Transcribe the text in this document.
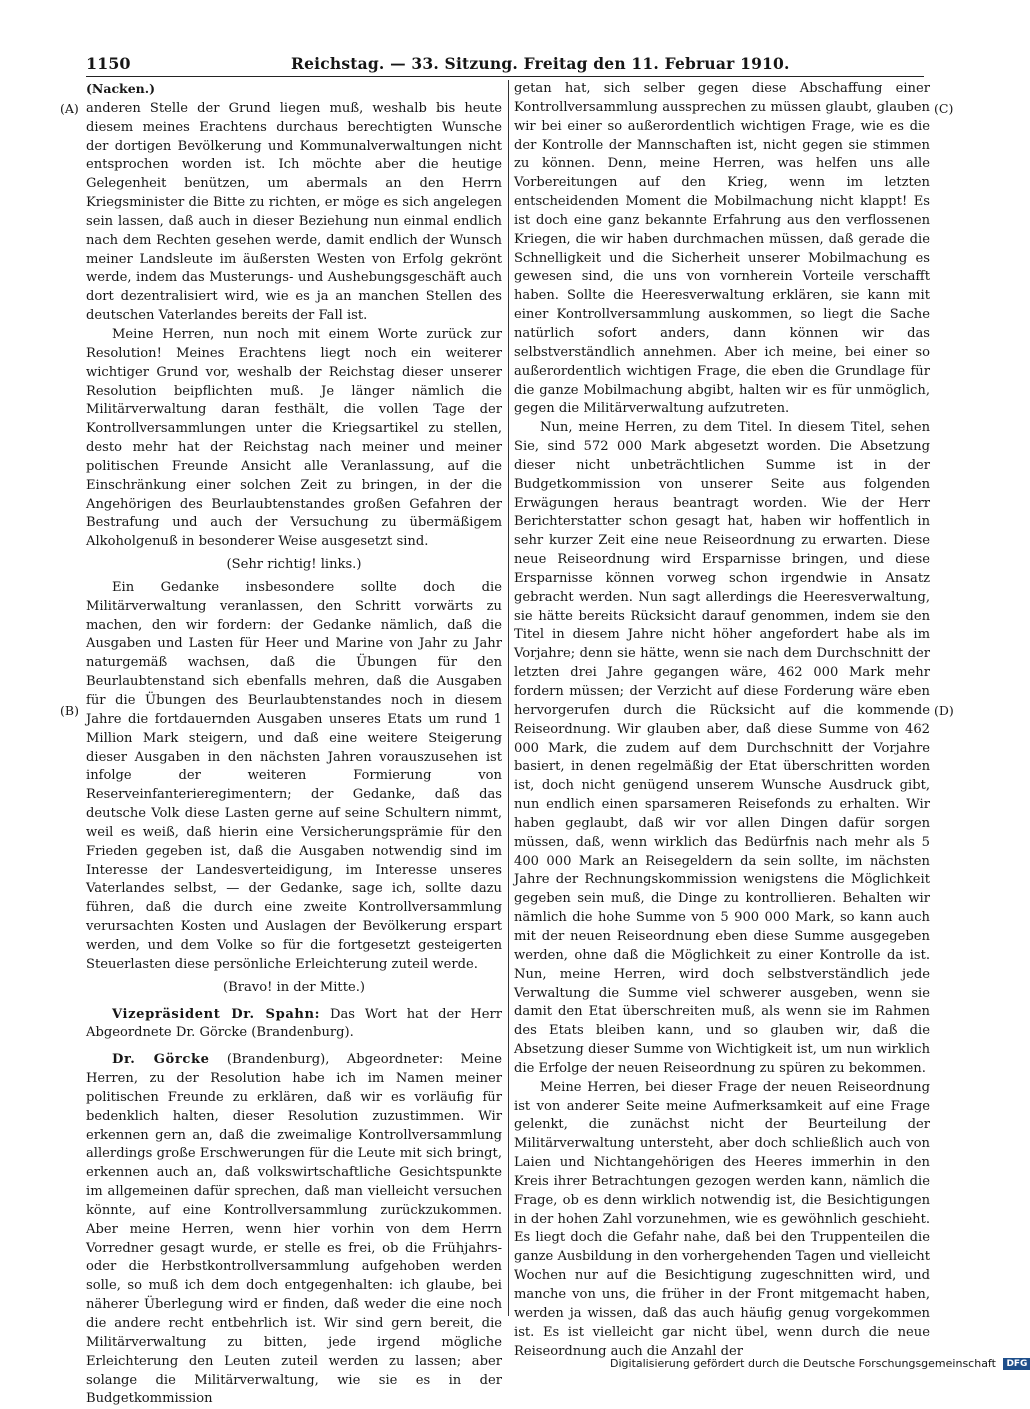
1150	Reichstag. — 33. Sitzung. Freitag den 11. Februar 1910.
(A)
(B)
(C)
(D)

(Nacken.)

anderen Stelle der Grund liegen muß, weshalb bis heute diesem meines Erachtens durchaus berechtigten Wunsche der dortigen Bevölkerung und Kommunalverwaltungen nicht entsprochen worden ist. Ich möchte aber die heutige Gelegenheit benützen, um abermals an den Herrn Kriegsminister die Bitte zu richten, er möge es sich angelegen sein lassen, daß auch in dieser Beziehung nun einmal endlich nach dem Rechten gesehen werde, damit endlich der Wunsch meiner Landsleute im äußersten Westen von Erfolg gekrönt werde, indem das Musterungs- und Aushebungsgeschäft auch dort dezentralisiert wird, wie es ja an manchen Stellen des deutschen Vaterlandes bereits der Fall ist.

Meine Herren, nun noch mit einem Worte zurück zur Resolution! Meines Erachtens liegt noch ein weiterer wichtiger Grund vor, weshalb der Reichstag dieser unserer Resolution beipflichten muß. Je länger nämlich die Militärverwaltung daran festhält, die vollen Tage der Kontrollversammlungen unter die Kriegsartikel zu stellen, desto mehr hat der Reichstag nach meiner und meiner politischen Freunde Ansicht alle Veranlassung, auf die Einschränkung einer solchen Zeit zu bringen, in der die Angehörigen des Beurlaubtenstandes großen Gefahren der Bestrafung und auch der Versuchung zu übermäßigem Alkoholgenuß in besonderer Weise ausgesetzt sind.

(Sehr richtig! links.)

Ein Gedanke insbesondere sollte doch die Militärverwaltung veranlassen, den Schritt vorwärts zu machen, den wir fordern: der Gedanke nämlich, daß die Ausgaben und Lasten für Heer und Marine von Jahr zu Jahr naturgemäß wachsen, daß die Übungen für den Beurlaubtenstand sich ebenfalls mehren, daß die Ausgaben für die Übungen des Beurlaubtenstandes noch in diesem Jahre die fortdauernden Ausgaben unseres Etats um rund 1 Million Mark steigern, und daß eine weitere Steigerung dieser Ausgaben in den nächsten Jahren vorauszusehen ist infolge der weiteren Formierung von Reserveinfanterieregimentern; der Gedanke, daß das deutsche Volk diese Lasten gerne auf seine Schultern nimmt, weil es weiß, daß hierin eine Versicherungsprämie für den Frieden gegeben ist, daß die Ausgaben notwendig sind im Interesse der Landesverteidigung, im Interesse unseres Vaterlandes selbst, — der Gedanke, sage ich, sollte dazu führen, daß die durch eine zweite Kontrollversammlung verursachten Kosten und Auslagen der Bevölkerung erspart werden, und dem Volke so für die fortgesetzt gesteigerten Steuerlasten diese persönliche Erleichterung zuteil werde.

(Bravo! in der Mitte.)

Vizepräsident Dr. Spahn: Das Wort hat der Herr Abgeordnete Dr. Görcke (Brandenburg).

Dr. Görcke (Brandenburg), Abgeordneter: Meine Herren, zu der Resolution habe ich im Namen meiner politischen Freunde zu erklären, daß wir es vorläufig für bedenklich halten, dieser Resolution zuzustimmen. Wir erkennen gern an, daß die zweimalige Kontrollversammlung allerdings große Erschwerungen für die Leute mit sich bringt, erkennen auch an, daß volkswirtschaftliche Gesichtspunkte im allgemeinen dafür sprechen, daß man vielleicht versuchen könnte, auf eine Kontrollversammlung zurückzukommen. Aber meine Herren, wenn hier vorhin von dem Herrn Vorredner gesagt wurde, er stelle es frei, ob die Frühjahrs- oder die Herbstkontrollversammlung aufgehoben werden solle, so muß ich dem doch entgegenhalten: ich glaube, bei näherer Überlegung wird er finden, daß weder die eine noch die andere recht entbehrlich ist. Wir sind gern bereit, die Militärverwaltung zu bitten, jede irgend mögliche Erleichterung den Leuten zuteil werden zu lassen; aber solange die Militärverwaltung, wie sie es in der Budgetkommission

getan hat, sich selber gegen diese Abschaffung einer Kontrollversammlung aussprechen zu müssen glaubt, glauben wir bei einer so außerordentlich wichtigen Frage, wie es die der Kontrolle der Mannschaften ist, nicht gegen sie stimmen zu können. Denn, meine Herren, was helfen uns alle Vorbereitungen auf den Krieg, wenn im letzten entscheidenden Moment die Mobilmachung nicht klappt! Es ist doch eine ganz bekannte Erfahrung aus den verflossenen Kriegen, die wir haben durchmachen müssen, daß gerade die Schnelligkeit und die Sicherheit unserer Mobilmachung es gewesen sind, die uns von vornherein Vorteile verschafft haben. Sollte die Heeresverwaltung erklären, sie kann mit einer Kontrollversammlung auskommen, so liegt die Sache natürlich sofort anders, dann können wir das selbstverständlich annehmen. Aber ich meine, bei einer so außerordentlich wichtigen Frage, die eben die Grundlage für die ganze Mobilmachung abgibt, halten wir es für unmöglich, gegen die Militärverwaltung aufzutreten.

Nun, meine Herren, zu dem Titel. In diesem Titel, sehen Sie, sind 572 000 Mark abgesetzt worden. Die Absetzung dieser nicht unbeträchtlichen Summe ist in der Budgetkommission von unserer Seite aus folgenden Erwägungen heraus beantragt worden. Wie der Herr Berichterstatter schon gesagt hat, haben wir hoffentlich in sehr kurzer Zeit eine neue Reiseordnung zu erwarten. Diese neue Reiseordnung wird Ersparnisse bringen, und diese Ersparnisse können vorweg schon irgendwie in Ansatz gebracht werden. Nun sagt allerdings die Heeresverwaltung, sie hätte bereits Rücksicht darauf genommen, indem sie den Titel in diesem Jahre nicht höher angefordert habe als im Vorjahre; denn sie hätte, wenn sie nach dem Durchschnitt der letzten drei Jahre gegangen wäre, 462 000 Mark mehr fordern müssen; der Verzicht auf diese Forderung wäre eben hervorgerufen durch die Rücksicht auf die kommende Reiseordnung. Wir glauben aber, daß diese Summe von 462 000 Mark, die zudem auf dem Durchschnitt der Vorjahre basiert, in denen regelmäßig der Etat überschritten worden ist, doch nicht genügend unserem Wunsche Ausdruck gibt, nun endlich einen sparsameren Reisefonds zu erhalten. Wir haben geglaubt, daß wir vor allen Dingen dafür sorgen müssen, daß, wenn wirklich das Bedürfnis nach mehr als 5 400 000 Mark an Reisegeldern da sein sollte, im nächsten Jahre der Rechnungskommission wenigstens die Möglichkeit gegeben sein muß, die Dinge zu kontrollieren. Behalten wir nämlich die hohe Summe von 5 900 000 Mark, so kann auch mit der neuen Reiseordnung eben diese Summe ausgegeben werden, ohne daß die Möglichkeit zu einer Kontrolle da ist. Nun, meine Herren, wird doch selbstverständlich jede Verwaltung die Summe viel schwerer ausgeben, wenn sie damit den Etat überschreiten muß, als wenn sie im Rahmen des Etats bleiben kann, und so glauben wir, daß die Absetzung dieser Summe von Wichtigkeit ist, um nun wirklich die Erfolge der neuen Reiseordnung zu spüren zu bekommen.

Meine Herren, bei dieser Frage der neuen Reiseordnung ist von anderer Seite meine Aufmerksamkeit auf eine Frage gelenkt, die zunächst nicht der Beurteilung der Militärverwaltung untersteht, aber doch schließlich auch von Laien und Nichtangehörigen des Heeres immerhin in den Kreis ihrer Betrachtungen gezogen werden kann, nämlich die Frage, ob es denn wirklich notwendig ist, die Besichtigungen in der hohen Zahl vorzunehmen, wie es gewöhnlich geschieht. Es liegt doch die Gefahr nahe, daß bei den Truppenteilen die ganze Ausbildung in den vorhergehenden Tagen und vielleicht Wochen nur auf die Besichtigung zugeschnitten wird, und manche von uns, die früher in der Front mitgemacht haben, werden ja wissen, daß das auch häufig genug vorgekommen ist. Es ist vielleicht gar nicht übel, wenn durch die neue Reiseordnung auch die Anzahl der

Digitalisierung gefördert durch die Deutsche Forschungsgemeinschaft DFG
